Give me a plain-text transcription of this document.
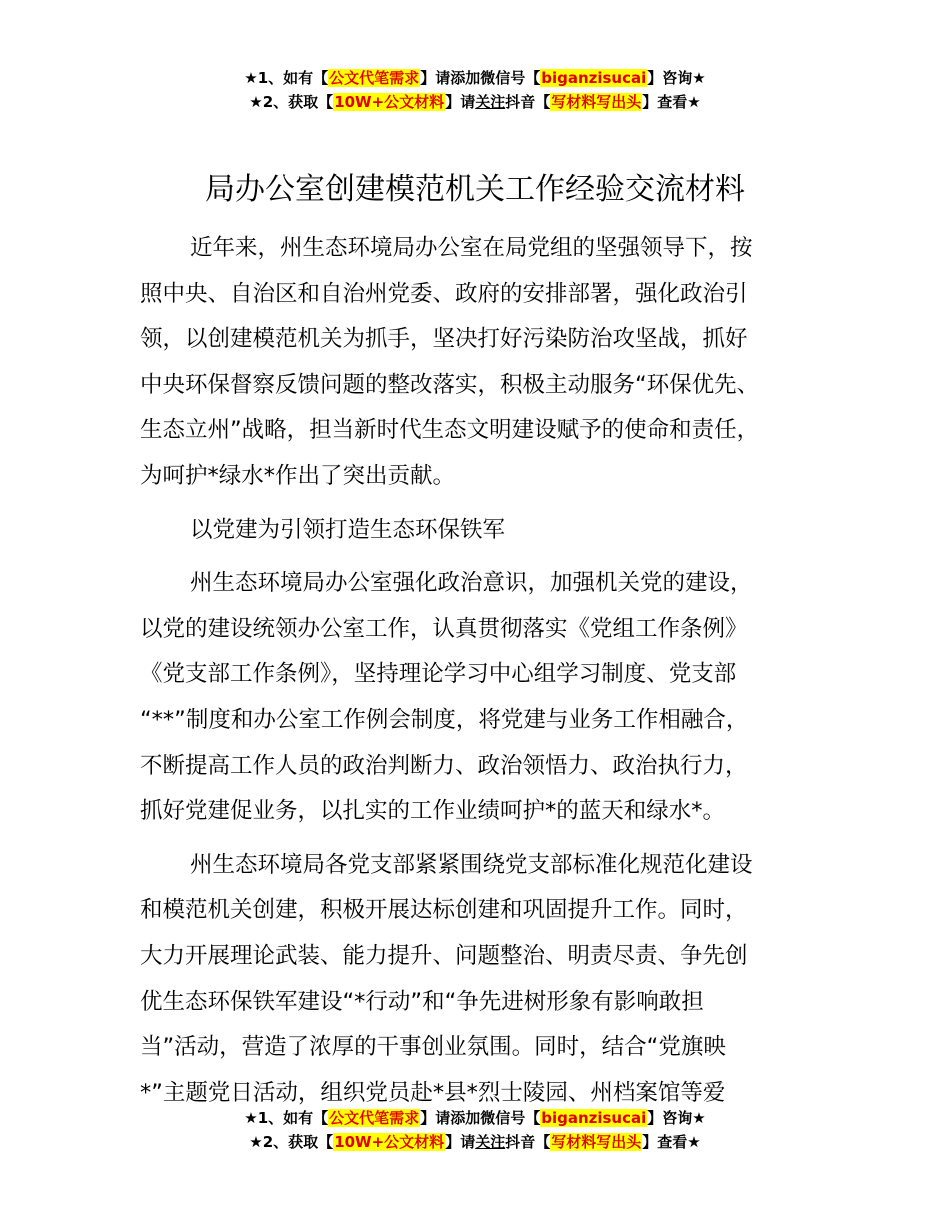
★1、如有【公文代笔需求】请添加微信号【biganzisucai】咨询★
★2、获取【10W+公文材料】请关注抖音【写材料写出头】查看★
局办公室创建模范机关工作经验交流材料

近年来，州生态环境局办公室在局党组的坚强领导下，按

照中央、自治区和自治州党委、政府的安排部署，强化政治引

领，以创建模范机关为抓手，坚决打好污染防治攻坚战，抓好

中央环保督察反馈问题的整改落实，积极主动服务“环保优先、

生态立州”战略，担当新时代生态文明建设赋予的使命和责任，

为呵护*绿水*作出了突出贡献。

以党建为引领打造生态环保铁军

州生态环境局办公室强化政治意识，加强机关党的建设，

以党的建设统领办公室工作，认真贯彻落实《党组工作条例》

《党支部工作条例》，坚持理论学习中心组学习制度、党支部

“**”制度和办公室工作例会制度，将党建与业务工作相融合，

不断提高工作人员的政治判断力、政治领悟力、政治执行力，

抓好党建促业务，以扎实的工作业绩呵护*的蓝天和绿水*。

州生态环境局各党支部紧紧围绕党支部标准化规范化建设

和模范机关创建，积极开展达标创建和巩固提升工作。同时，

大力开展理论武装、能力提升、问题整治、明责尽责、争先创

优生态环保铁军建设“*行动”和“争先进树形象有影响敢担

当”活动，营造了浓厚的干事创业氛围。同时，结合“党旗映

*”主题党日活动，组织党员赴*县*烈士陵园、州档案馆等爱

★1、如有【公文代笔需求】请添加微信号【biganzisucai】咨询★
★2、获取【10W+公文材料】请关注抖音【写材料写出头】查看★
